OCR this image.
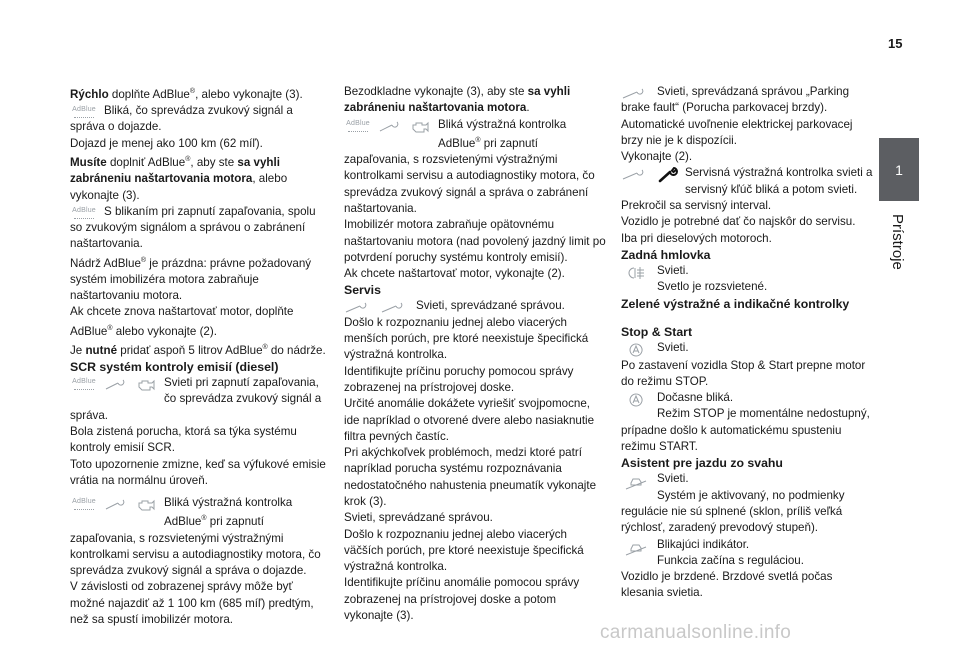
15
1
Prístroje

Rýchlo doplňte AdBlue®, alebo vykonajte (3).

AdBlue Bliká, čo sprevádza zvukový signál a správa o dojazde.

Dojazd je menej ako 100 km (62 míľ).

Musíte doplniť AdBlue®, aby ste sa vyhli zabráneniu naštartovania motora, alebo vykonajte (3).

AdBlue S blikaním pri zapnutí zapaľovania, spolu so zvukovým signálom a správou o zabránení naštartovania.

Nádrž AdBlue® je prázdna: právne požadovaný systém imobilizéra motora zabraňuje naštartovaniu motora.

Ak chcete znova naštartovať motor, doplňte AdBlue® alebo vykonajte (2).

Je nutné pridať aspoň 5 litrov AdBlue® do nádrže.

SCR systém kontroly emisií (diesel)

AdBlue	Svieti pri zapnutí zapaľovania, čo sprevádza zvukový signál a správa.

Bola zistená porucha, ktorá sa týka systému kontroly emisií SCR.

Toto upozornenie zmizne, keď sa výfukové emisie vrátia na normálnu úroveň.

AdBlue	Bliká výstražná kontrolka AdBlue® pri zapnutí zapaľovania, s rozsvietenými výstražnými kontrolkami servisu a autodiagnostiky motora, čo sprevádza zvukový signál a správa o dojazde.

V závislosti od zobrazenej správy môže byť možné najazdiť až 1 100 km (685 míľ) predtým, než sa spustí imobilizér motora.

Bezodkladne vykonajte (3), aby ste sa vyhli zabráneniu naštartovania motora.

AdBlue	Bliká výstražná kontrolka AdBlue® pri zapnutí zapaľovania, s rozsvietenými výstražnými kontrolkami servisu a autodiagnostiky motora, čo sprevádza zvukový signál a správa o zabránení naštartovania.

Imobilizér motora zabraňuje opätovnému naštartovaniu motora (nad povolený jazdný limit po potvrdení poruchy systému kontroly emisií).

Ak chcete naštartovať motor, vykonajte (2).

Servis

Svieti, sprevádzané správou.

Došlo k rozpoznaniu jednej alebo viacerých menších porúch, pre ktoré neexistuje špecifická výstražná kontrolka.

Identifikujte príčinu poruchy pomocou správy zobrazenej na prístrojovej doske.

Určité anomálie dokážete vyriešiť svojpomocne, ide napríklad o otvorené dvere alebo nasiaknutie filtra pevných častíc.

Pri akýchkoľvek problémoch, medzi ktoré patrí napríklad porucha systému rozpoznávania nedostatočného nahustenia pneumatík vykonajte krok (3).

Svieti, sprevádzané správou.

Došlo k rozpoznaniu jednej alebo viacerých väčších porúch, pre ktoré neexistuje špecifická výstražná kontrolka.

Identifikujte príčinu anomálie pomocou správy zobrazenej na prístrojovej doske a potom vykonajte (3).

Svieti, sprevádzaná správou „Parking brake fault“ (Porucha parkovacej brzdy).

Automatické uvoľnenie elektrickej parkovacej brzy nie je k dispozícii.

Vykonajte (2).

Servisná výstražná kontrolka svieti a servisný kľúč bliká a potom svieti.

Prekročil sa servisný interval.

Vozidlo je potrebné dať čo najskôr do servisu.

Iba pri dieselových motoroch.

Zadná hmlovka

Svieti.

Svetlo je rozsvietené.

Zelené výstražné a indikačné kontrolky

Stop & Start

Svieti.

Po zastavení vozidla Stop & Start prepne motor do režimu STOP.

Dočasne bliká.

Režim STOP je momentálne nedostupný, prípadne došlo k automatickému spusteniu režimu START.

Asistent pre jazdu zo svahu

Svieti.

Systém je aktivovaný, no podmienky regulácie nie sú splnené (sklon, príliš veľká rýchlosť, zaradený prevodový stupeň).

Blikajúci indikátor.

Funkcia začína s reguláciou.

Vozidlo je brzdené. Brzdové svetlá počas klesania svietia.

carmanualsonline.info
